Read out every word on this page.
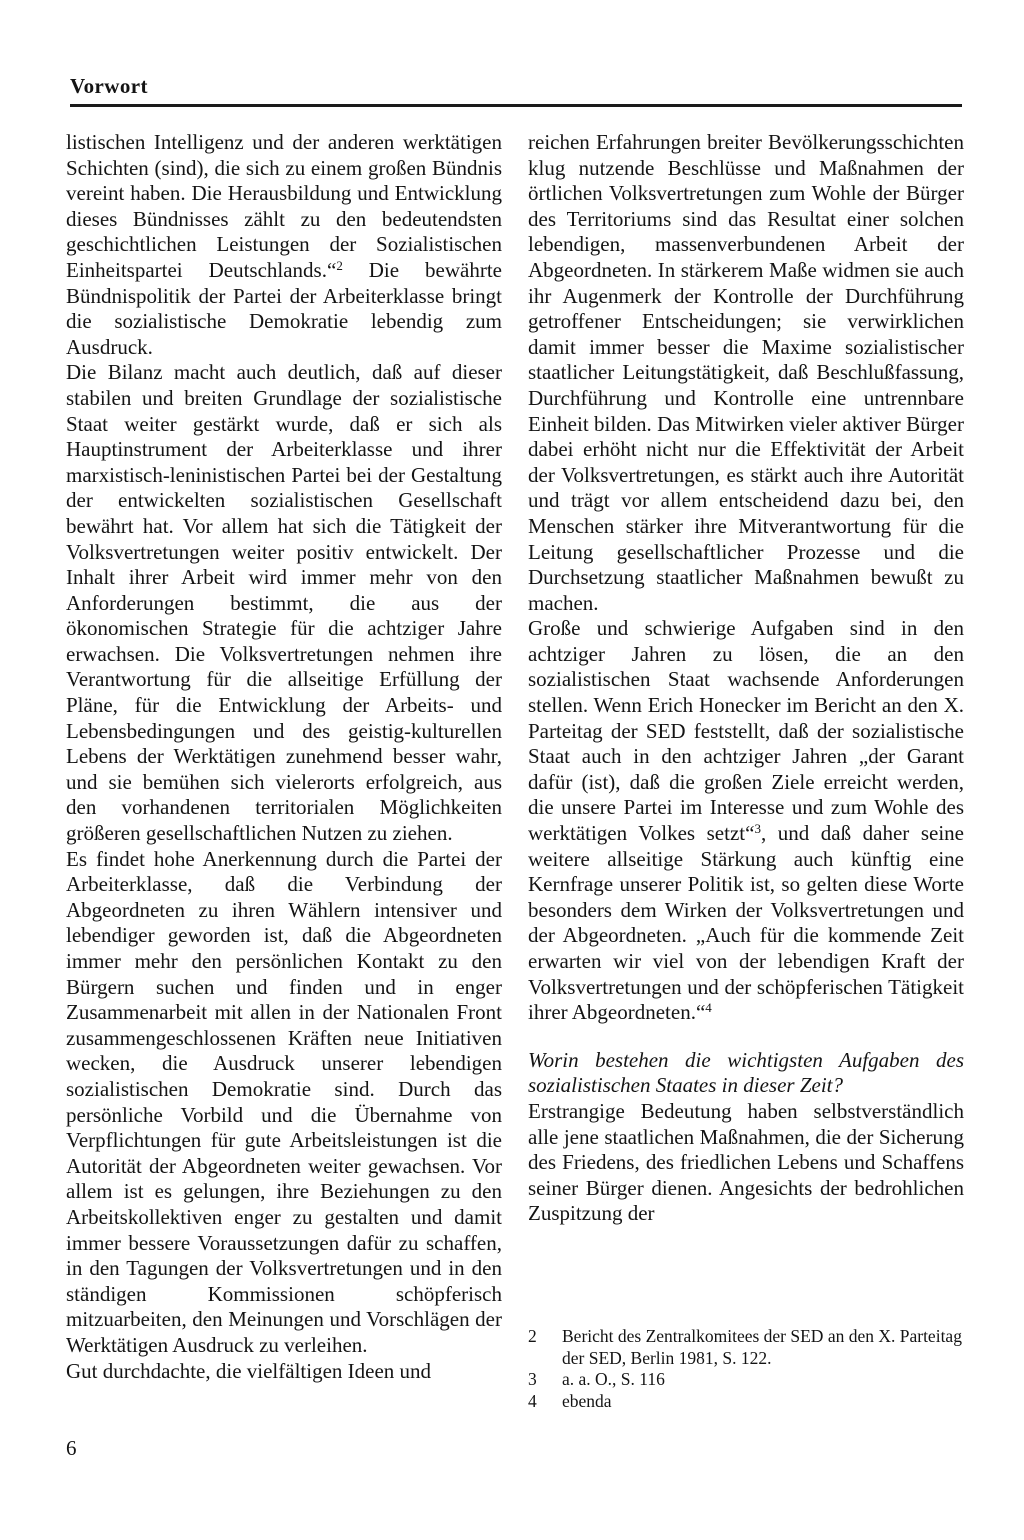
Vorwort

listischen Intelligenz und der anderen werktätigen Schichten (sind), die sich zu einem großen Bündnis vereint haben. Die Herausbildung und Entwicklung dieses Bündnisses zählt zu den bedeutendsten geschichtlichen Leistungen der Sozialistischen Einheitspartei Deutschlands.“$^2$ Die bewährte Bündnispolitik der Partei der Arbeiterklasse bringt die sozialistische Demokratie lebendig zum Ausdruck.

Die Bilanz macht auch deutlich, daß auf dieser stabilen und breiten Grundlage der sozialistische Staat weiter gestärkt wurde, daß er sich als Hauptinstrument der Arbeiterklasse und ihrer marxistisch-leninistischen Partei bei der Gestaltung der entwickelten sozialistischen Gesellschaft bewährt hat. Vor allem hat sich die Tätigkeit der Volksvertretungen weiter positiv entwickelt. Der Inhalt ihrer Arbeit wird immer mehr von den Anforderungen bestimmt, die aus der ökonomischen Strategie für die achtziger Jahre erwachsen. Die Volksvertretungen nehmen ihre Verantwortung für die allseitige Erfüllung der Pläne, für die Entwicklung der Arbeits- und Lebensbedingungen und des geistig-kulturellen Lebens der Werktätigen zunehmend besser wahr, und sie bemühen sich vielerorts erfolgreich, aus den vorhandenen territorialen Möglichkeiten größeren gesellschaftlichen Nutzen zu ziehen.

Es findet hohe Anerkennung durch die Partei der Arbeiterklasse, daß die Verbindung der Abgeordneten zu ihren Wählern intensiver und lebendiger geworden ist, daß die Abgeordneten immer mehr den persönlichen Kontakt zu den Bürgern suchen und finden und in enger Zusammenarbeit mit allen in der Nationalen Front zusammengeschlossenen Kräften neue Initiativen wecken, die Ausdruck unserer lebendigen sozialistischen Demokratie sind. Durch das persönliche Vorbild und die Übernahme von Verpflichtungen für gute Arbeitsleistungen ist die Autorität der Abgeordneten weiter gewachsen. Vor allem ist es gelungen, ihre Beziehungen zu den Arbeitskollektiven enger zu gestalten und damit immer bessere Voraussetzungen dafür zu schaffen, in den Tagungen der Volksvertretungen und in den ständigen Kommissionen schöpferisch mitzuarbeiten, den Meinungen und Vorschlägen der Werktätigen Ausdruck zu verleihen.

Gut durchdachte, die vielfältigen Ideen und

reichen Erfahrungen breiter Bevölkerungsschichten klug nutzende Beschlüsse und Maßnahmen der örtlichen Volksvertretungen zum Wohle der Bürger des Territoriums sind das Resultat einer solchen lebendigen, massenverbundenen Arbeit der Abgeordneten. In stärkerem Maße widmen sie auch ihr Augenmerk der Kontrolle der Durchführung getroffener Entscheidungen; sie verwirklichen damit immer besser die Maxime sozialistischer staatlicher Leitungstätigkeit, daß Beschlußfassung, Durchführung und Kontrolle eine untrennbare Einheit bilden. Das Mitwirken vieler aktiver Bürger dabei erhöht nicht nur die Effektivität der Arbeit der Volksvertretungen, es stärkt auch ihre Autorität und trägt vor allem entscheidend dazu bei, den Menschen stärker ihre Mitverantwortung für die Leitung gesellschaftlicher Prozesse und die Durchsetzung staatlicher Maßnahmen bewußt zu machen.

Große und schwierige Aufgaben sind in den achtziger Jahren zu lösen, die an den sozialistischen Staat wachsende Anforderungen stellen. Wenn Erich Honecker im Bericht an den X. Parteitag der SED feststellt, daß der sozialistische Staat auch in den achtziger Jahren „der Garant dafür (ist), daß die großen Ziele erreicht werden, die unsere Partei im Interesse und zum Wohle des werktätigen Volkes setzt“$^3$, und daß daher seine weitere allseitige Stärkung auch künftig eine Kernfrage unserer Politik ist, so gelten diese Worte besonders dem Wirken der Volksvertretungen und der Abgeordneten. „Auch für die kommende Zeit erwarten wir viel von der lebendigen Kraft der Volksvertretungen und der schöpferischen Tätigkeit ihrer Abgeordneten.“$^4$

Worin bestehen die wichtigsten Aufgaben des sozialistischen Staates in dieser Zeit?

Erstrangige Bedeutung haben selbstverständlich alle jene staatlichen Maßnahmen, die der Sicherung des Friedens, des friedlichen Lebens und Schaffens seiner Bürger dienen. Angesichts der bedrohlichen Zuspitzung der

2	Bericht des Zentralkomitees der SED an den X. Parteitag der SED, Berlin 1981, S. 122.
3	a. a. O., S. 116
4	ebenda
6
